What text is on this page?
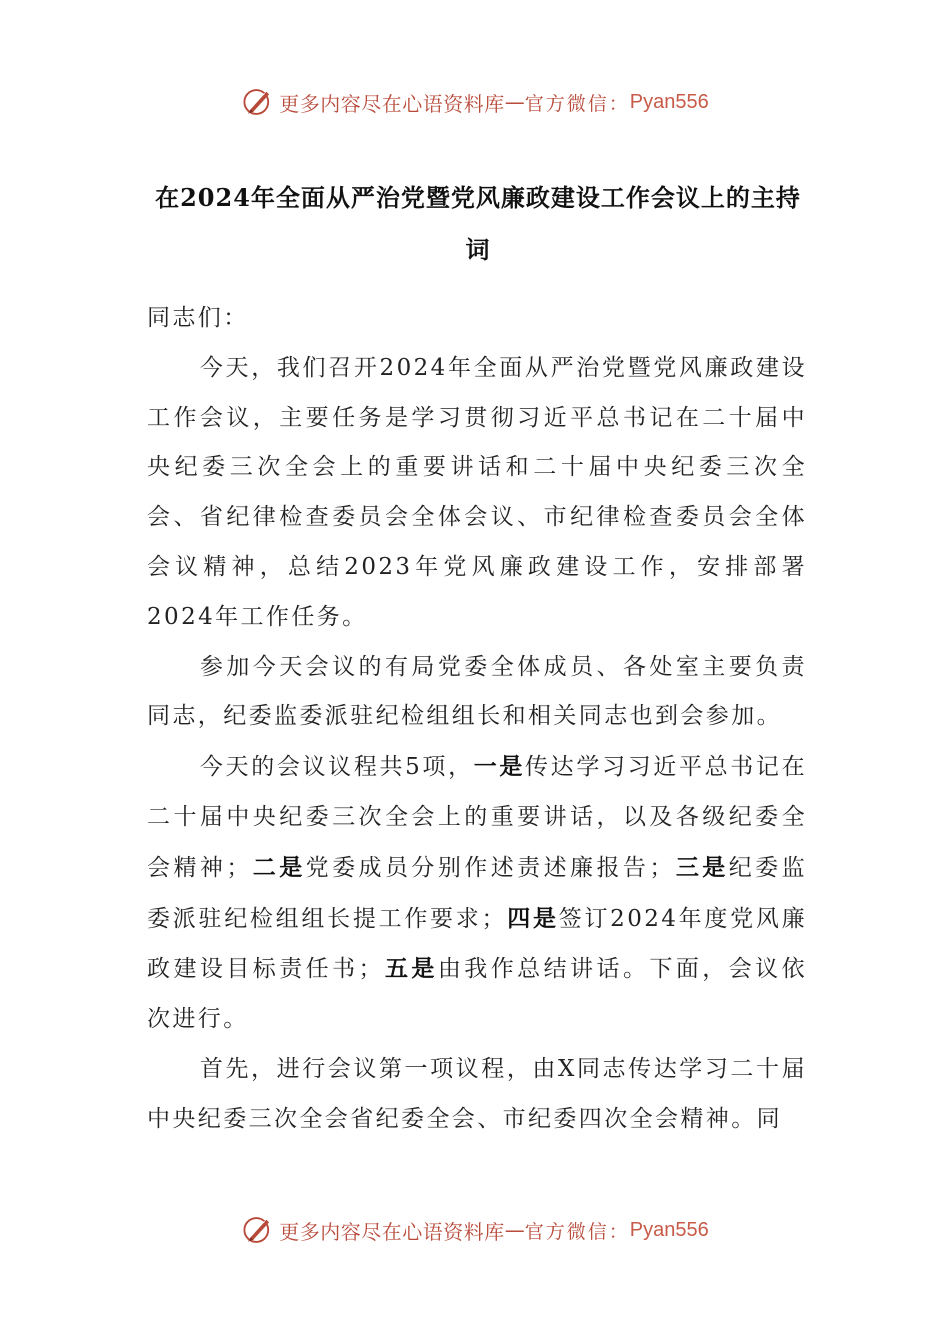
更多内容尽在心语资料库 — 官方微信： Pyan556
在2024年全面从严治党暨党风廉政建设工作会议上的主持词

同志们：

今天，我们召开2024年全面从严治党暨党风廉政建设工作会议，主要任务是学习贯彻习近平总书记在二十届中央纪委三次全会上的重要讲话和二十届中央纪委三次全会、省纪律检查委员会全体会议、市纪律检查委员会全体会议精神，总结2023年党风廉政建设工作，安排部署2024年工作任务。

参加今天会议的有局党委全体成员、各处室主要负责同志，纪委监委派驻纪检组组长和相关同志也到会参加。

今天的会议议程共5项，一是传达学习习近平总书记在二十届中央纪委三次全会上的重要讲话，以及各级纪委全会精神；二是党委成员分别作述责述廉报告；三是纪委监委派驻纪检组组长提工作要求；四是签订2024年度党风廉政建设目标责任书；五是由我作总结讲话。下面，会议依次进行。

首先，进行会议第一项议程，由X同志传达学习二十届中央纪委三次全会省纪委全会、市纪委四次全会精神。同

更多内容尽在心语资料库 — 官方微信： Pyan556
